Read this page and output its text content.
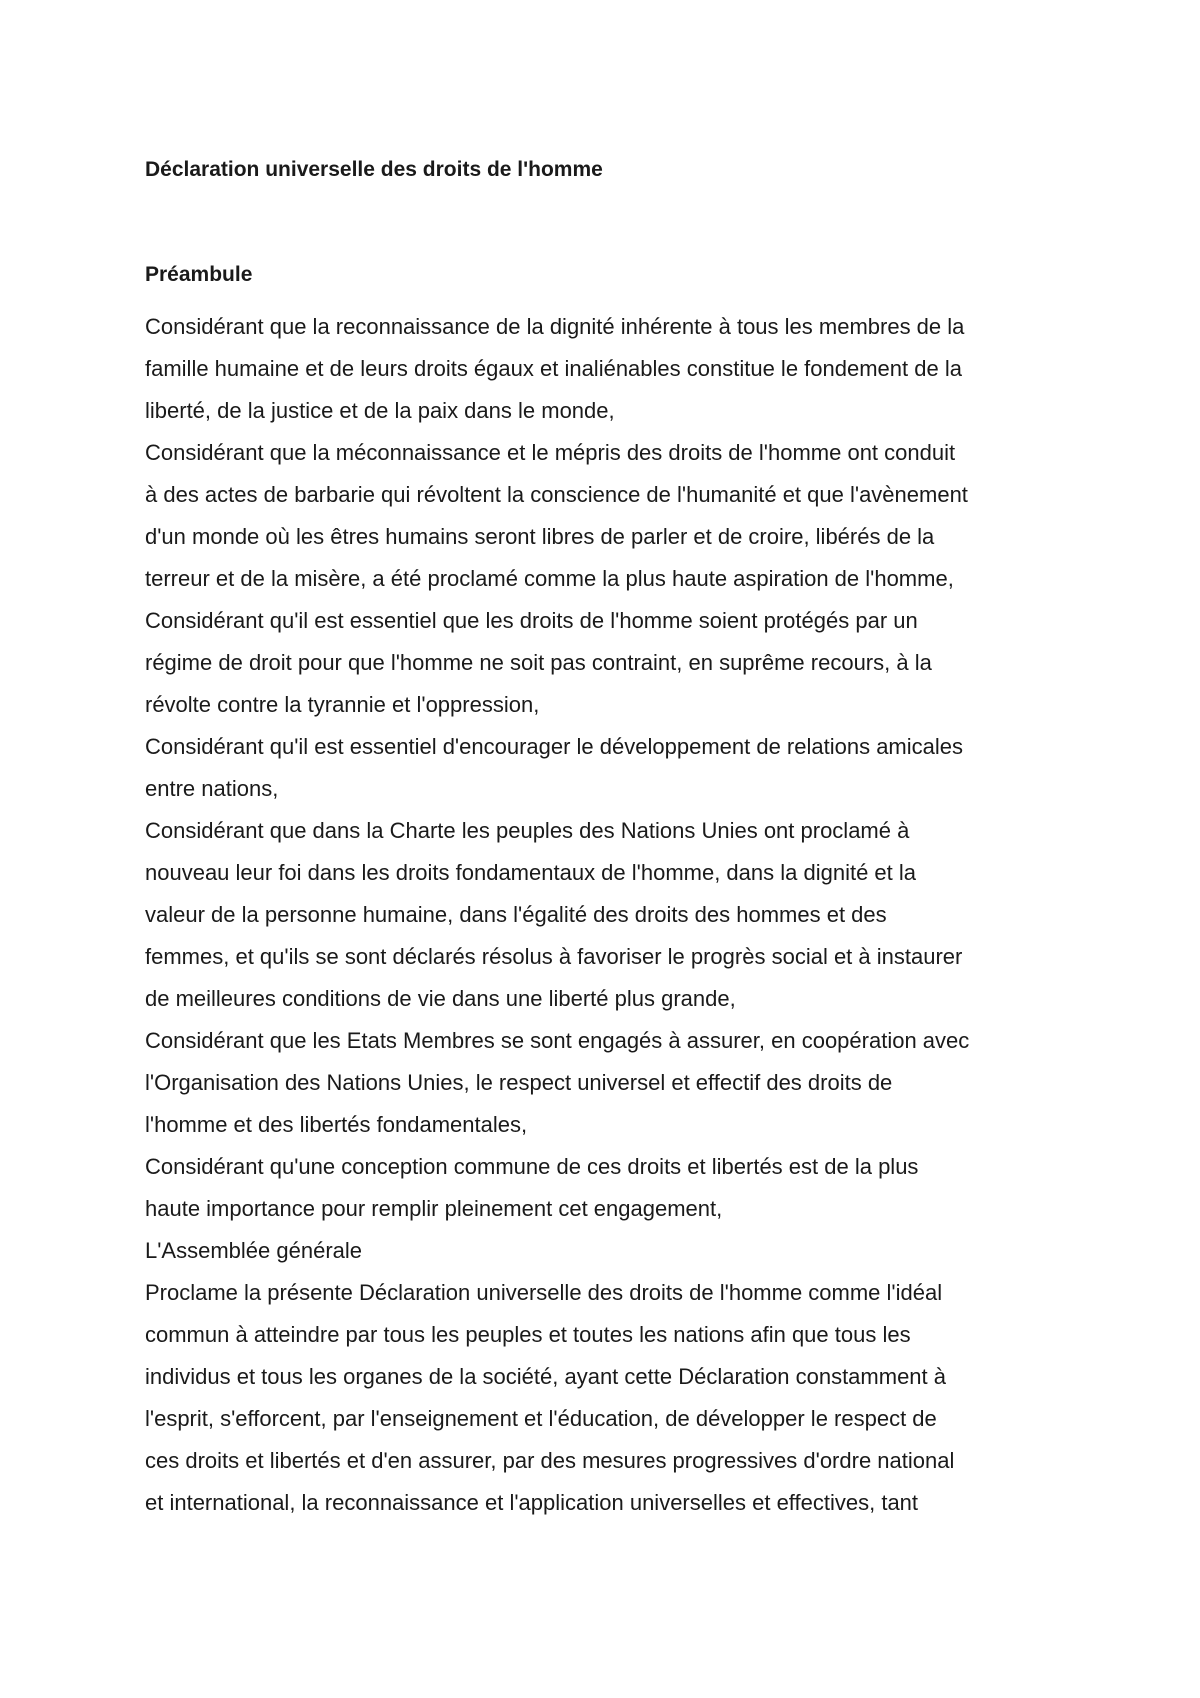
Déclaration universelle des droits de l'homme
Préambule
Considérant que la reconnaissance de la dignité inhérente à tous les membres de la
famille humaine et de leurs droits égaux et inaliénables constitue le fondement de la
liberté, de la justice et de la paix dans le monde,
Considérant que la méconnaissance et le mépris des droits de l'homme ont conduit
à des actes de barbarie qui révoltent la conscience de l'humanité et que l'avènement
d'un monde où les êtres humains seront libres de parler et de croire, libérés de la
terreur et de la misère, a été proclamé comme la plus haute aspiration de l'homme,
Considérant qu'il est essentiel que les droits de l'homme soient protégés par un
régime de droit pour que l'homme ne soit pas contraint, en suprême recours, à la
révolte contre la tyrannie et l'oppression,
Considérant qu'il est essentiel d'encourager le développement de relations amicales
entre nations,
Considérant que dans la Charte les peuples des Nations Unies ont proclamé à
nouveau leur foi dans les droits fondamentaux de l'homme, dans la dignité et la
valeur de la personne humaine, dans l'égalité des droits des hommes et des
femmes, et qu'ils se sont déclarés résolus à favoriser le progrès social et à instaurer
de meilleures conditions de vie dans une liberté plus grande,
Considérant que les Etats Membres se sont engagés à assurer, en coopération avec
l'Organisation des Nations Unies, le respect universel et effectif des droits de
l'homme et des libertés fondamentales,
Considérant qu'une conception commune de ces droits et libertés est de la plus
haute importance pour remplir pleinement cet engagement,
L'Assemblée générale
Proclame la présente Déclaration universelle des droits de l'homme comme l'idéal
commun à atteindre par tous les peuples et toutes les nations afin que tous les
individus et tous les organes de la société, ayant cette Déclaration constamment à
l'esprit, s'efforcent, par l'enseignement et l'éducation, de développer le respect de
ces droits et libertés et d'en assurer, par des mesures progressives d'ordre national
et international, la reconnaissance et l'application universelles et effectives, tant
